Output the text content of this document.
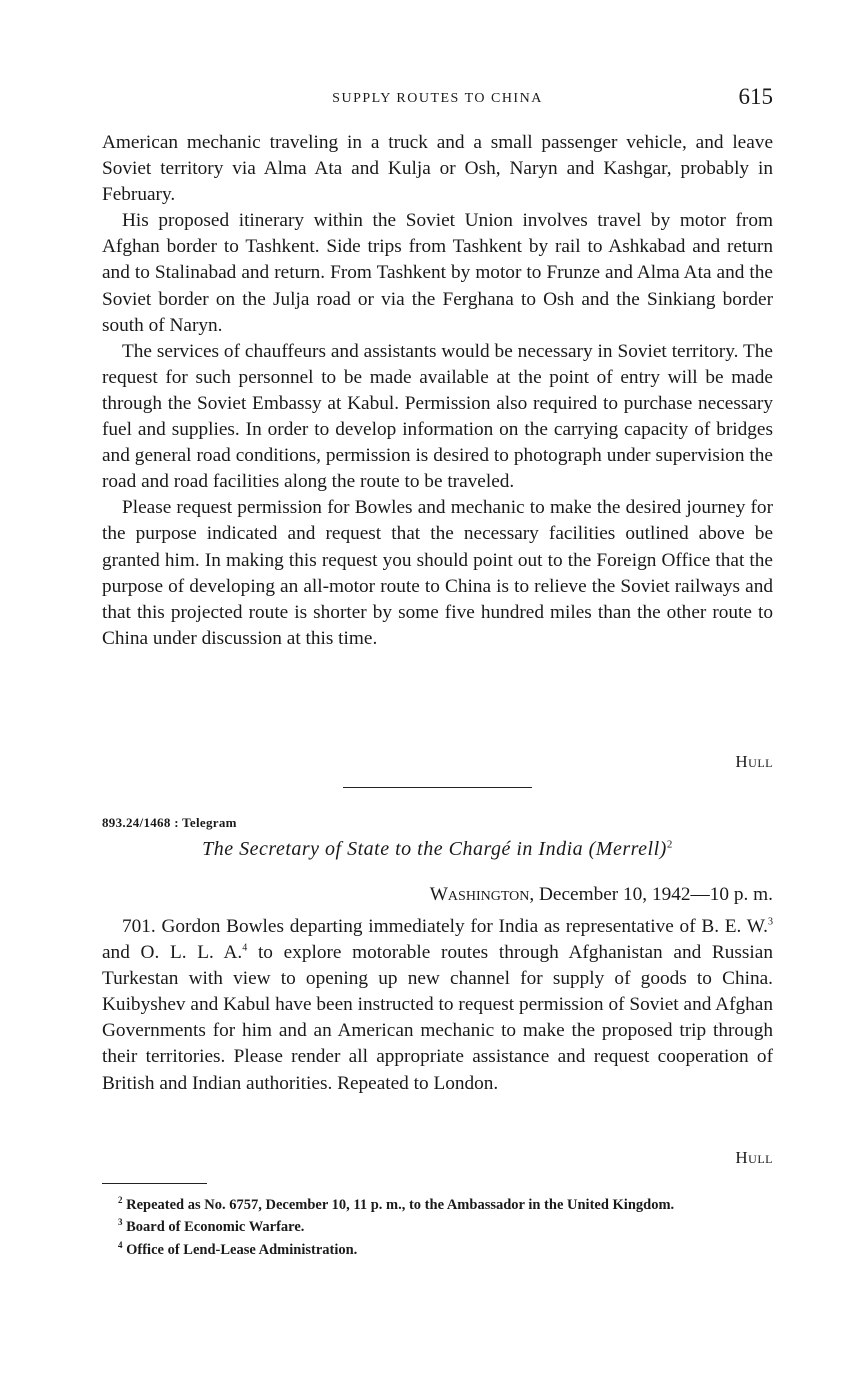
SUPPLY ROUTES TO CHINA	615

American mechanic traveling in a truck and a small passenger vehicle, and leave Soviet territory via Alma Ata and Kulja or Osh, Naryn and Kashgar, probably in February.

His proposed itinerary within the Soviet Union involves travel by motor from Afghan border to Tashkent. Side trips from Tashkent by rail to Ashkabad and return and to Stalinabad and return. From Tashkent by motor to Frunze and Alma Ata and the Soviet border on the Julja road or via the Ferghana to Osh and the Sinkiang border south of Naryn.

The services of chauffeurs and assistants would be necessary in Soviet territory. The request for such personnel to be made available at the point of entry will be made through the Soviet Embassy at Kabul. Permission also required to purchase necessary fuel and supplies. In order to develop information on the carrying capacity of bridges and general road conditions, permission is desired to photograph under supervision the road and road facilities along the route to be traveled.

Please request permission for Bowles and mechanic to make the desired journey for the purpose indicated and request that the necessary facilities outlined above be granted him. In making this request you should point out to the Foreign Office that the purpose of developing an all-motor route to China is to relieve the Soviet railways and that this projected route is shorter by some five hundred miles than the other route to China under discussion at this time.

Hull
893.24/1468 : Telegram
The Secretary of State to the Chargé in India (Merrell)$^2$
Washington, December 10, 1942—10 p. m.

701. Gordon Bowles departing immediately for India as representative of B. E. W.$^3$ and O. L. L. A.$^4$ to explore motorable routes through Afghanistan and Russian Turkestan with view to opening up new channel for supply of goods to China. Kuibyshev and Kabul have been instructed to request permission of Soviet and Afghan Governments for him and an American mechanic to make the proposed trip through their territories. Please render all appropriate assistance and request cooperation of British and Indian authorities. Repeated to London.

Hull

$^2$ Repeated as No. 6757, December 10, 11 p. m., to the Ambassador in the United Kingdom.

$^3$ Board of Economic Warfare.

$^4$ Office of Lend-Lease Administration.
